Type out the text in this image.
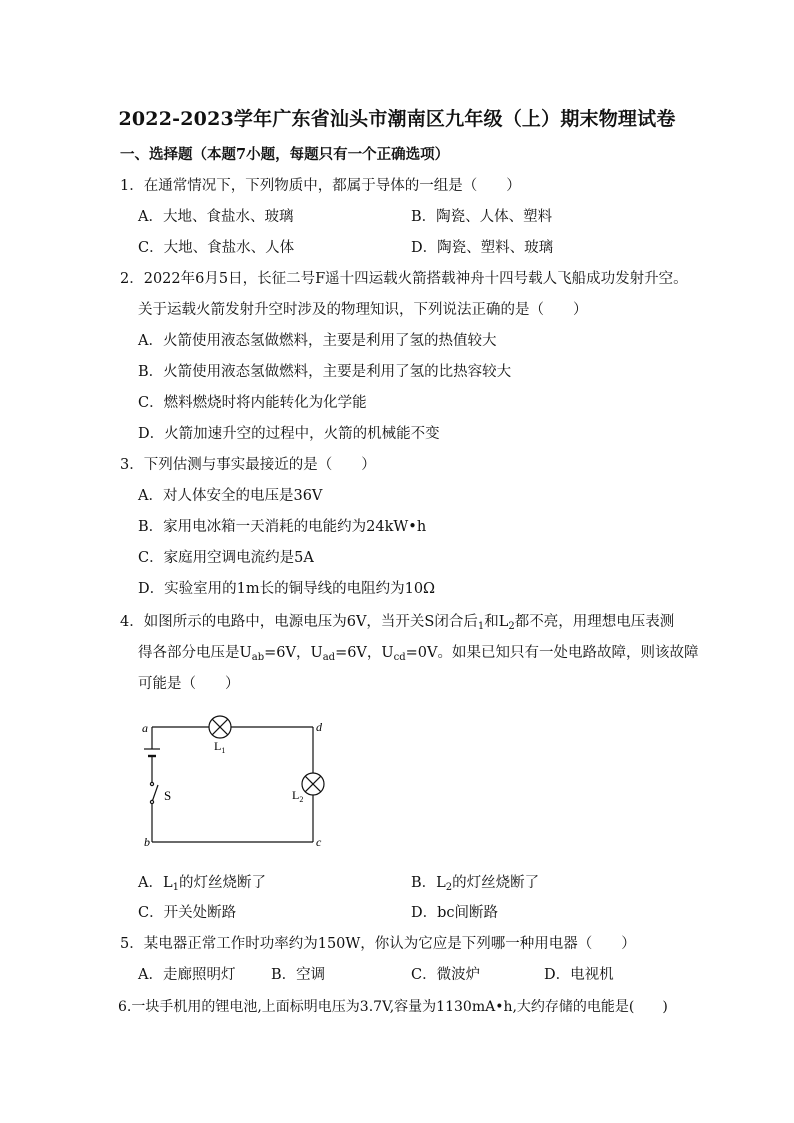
2022-2023学年广东省汕头市潮南区九年级（上）期末物理试卷
一、选择题（本题7小题，每题只有一个正确选项）
1．在通常情况下，下列物质中，都属于导体的一组是（　　）
A．大地、食盐水、玻璃	B．陶瓷、人体、塑料
C．大地、食盐水、人体	D．陶瓷、塑料、玻璃
2．2022年6月5日，长征二号F遥十四运载火箭搭载神舟十四号载人飞船成功发射升空。
关于运载火箭发射升空时涉及的物理知识，下列说法正确的是（　　）
A．火箭使用液态氢做燃料，主要是利用了氢的热值较大
B．火箭使用液态氢做燃料，主要是利用了氢的比热容较大
C．燃料燃烧时将内能转化为化学能
D．火箭加速升空的过程中，火箭的机械能不变
3．下列估测与事实最接近的是（　　）
A．对人体安全的电压是36V
B．家用电冰箱一天消耗的电能约为24kW•h
C．家庭用空调电流约是5A
D．实验室用的1m长的铜导线的电阻约为10Ω
4．如图所示的电路中，电源电压为6V，当开关S闭合后$_1$和$L_2$都不亮，用理想电压表测
得各部分电压是$U_{ab}=6V$，$U_{ad}=6V$，$U_{cd}=0V$。如果已知只有一处电路故障，则该故障
可能是（　　）
a	d
b	c
$L_1$
$L_2$
S
A．$L_1$的灯丝烧断了	B．$L_2$的灯丝烧断了
C．开关处断路	D．bc间断路
5．某电器正常工作时功率约为150W，你认为它应是下列哪一种用电器（　　）
A．走廊照明灯 B．空调	C．微波炉	D．电视机
6.一块手机用的锂电池,上面标明电压为3.7V,容量为1130mA•h,大约存储的电能是(　　)
